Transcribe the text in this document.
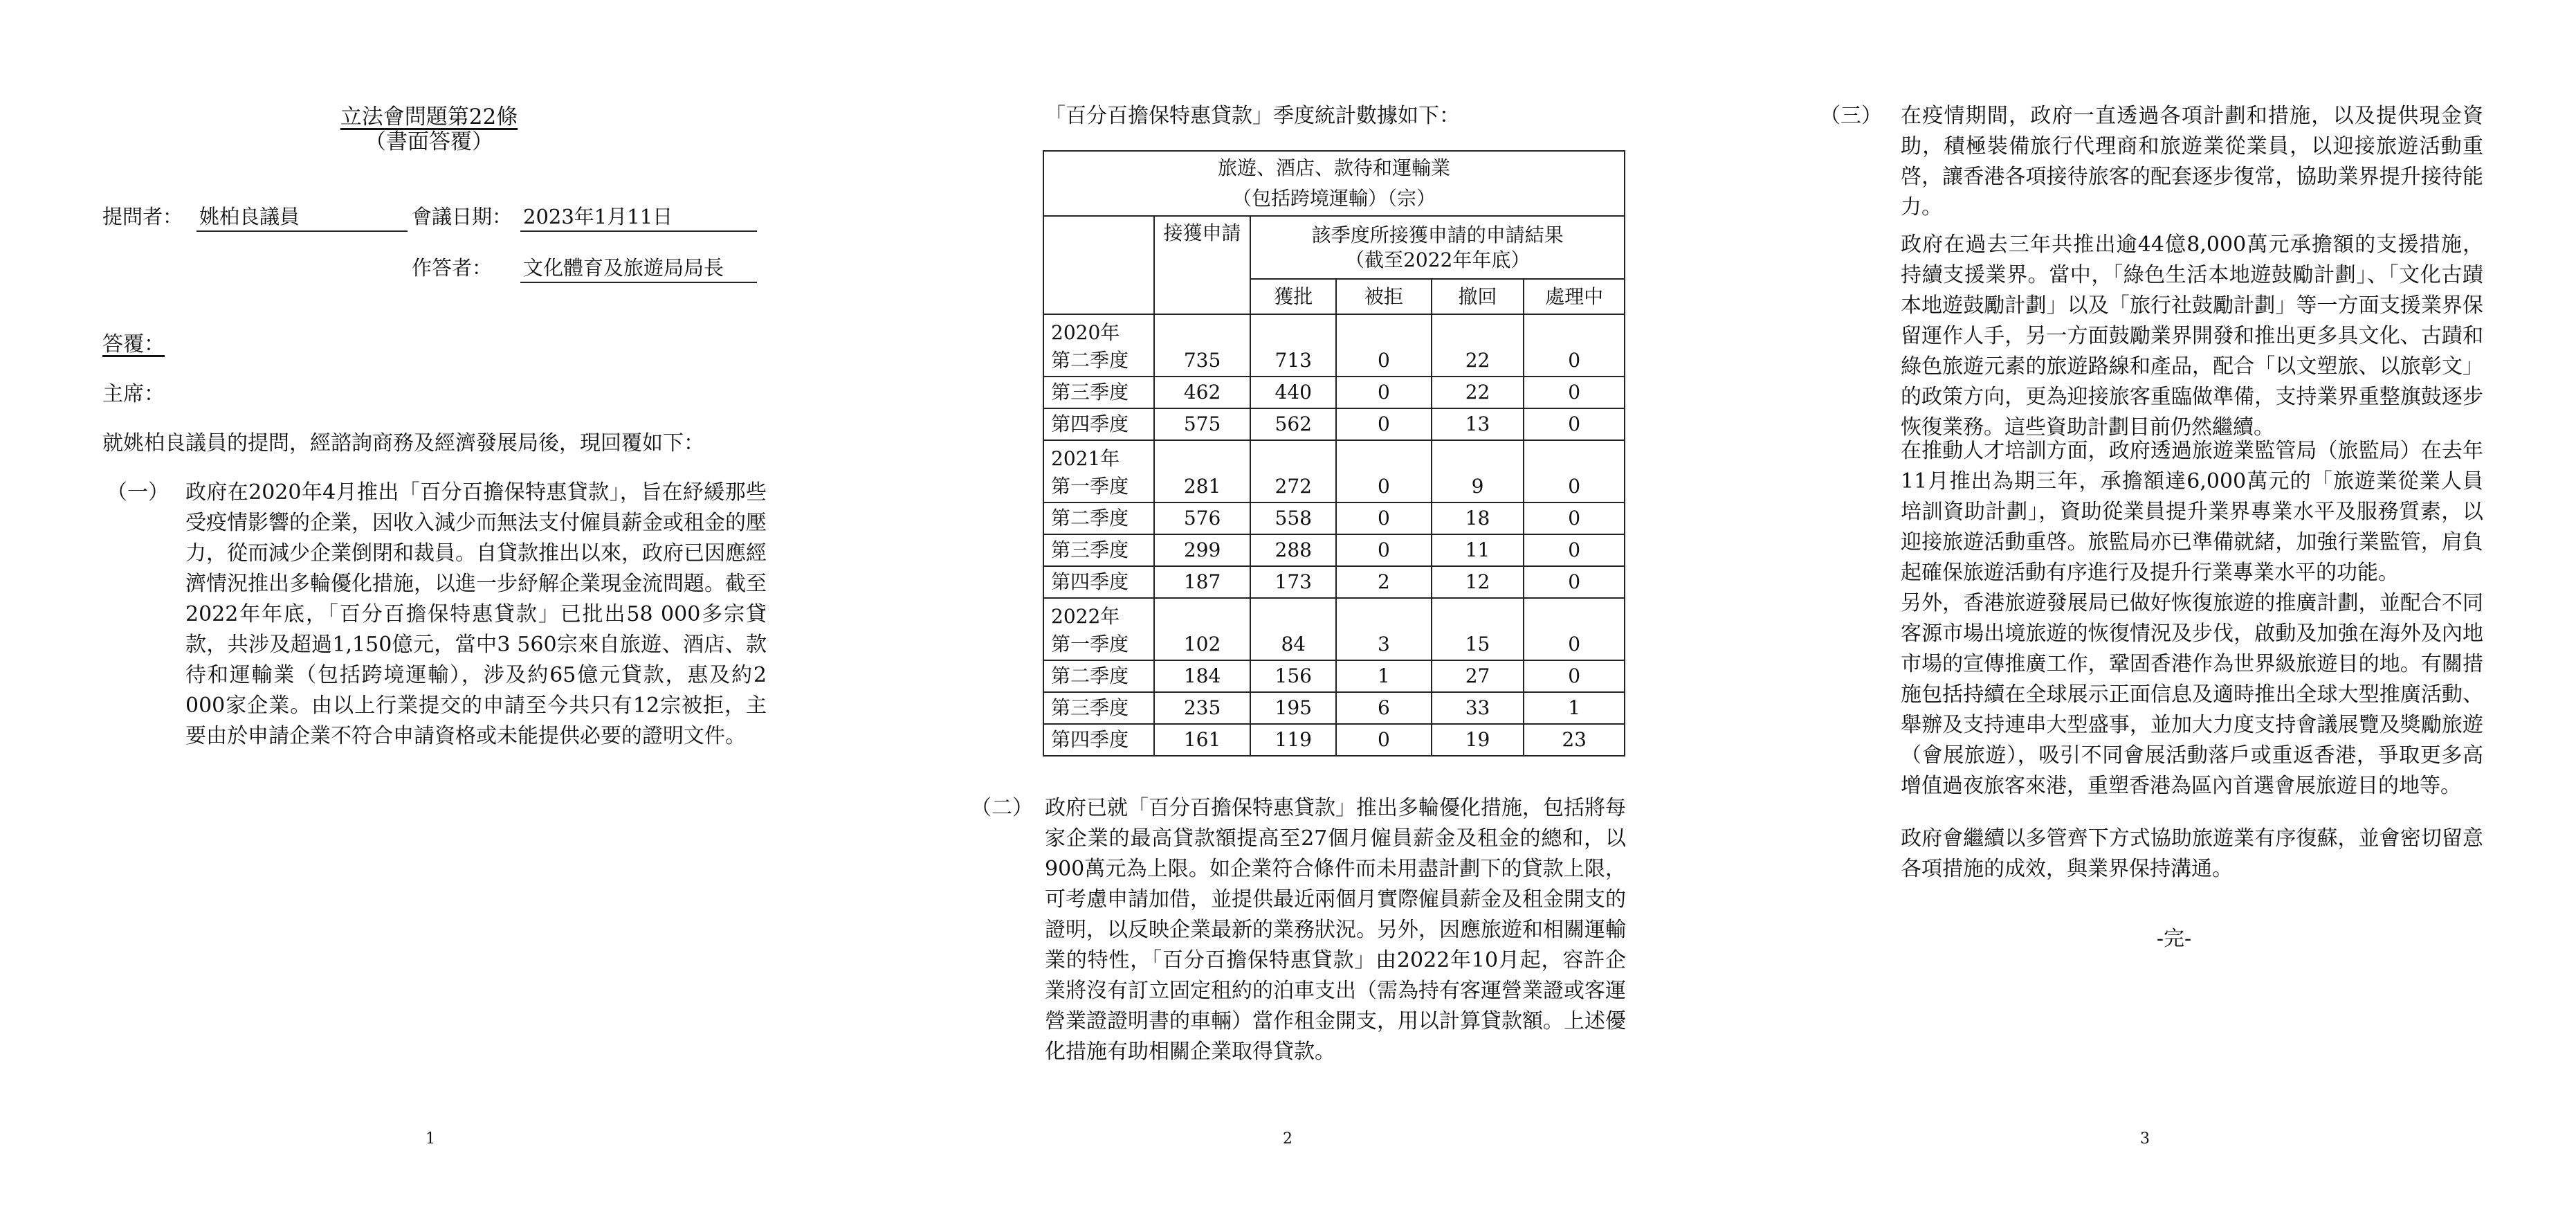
立法會問題第22條
（書面答覆）
提問者： 姚柏良議員	會議日期： 2023年1月11日
作答者： 文化體育及旅遊局局長
答覆：
主席：
就姚柏良議員的提問，經諮詢商務及經濟發展局後，現回覆如下：
（一） 政府在2020年4月推出「百分百擔保特惠貸款」，旨在紓緩那些受疫情影響的企業，因收入減少而無法支付僱員薪金或租金的壓力，從而減少企業倒閉和裁員。自貸款推出以來，政府已因應經濟情況推出多輪優化措施，以進一步紓解企業現金流問題。截至2022年年底，「百分百擔保特惠貸款」已批出58 000多宗貸款，共涉及超過1,150億元，當中3 560宗來自旅遊、酒店、款待和運輸業（包括跨境運輸），涉及約65億元貸款，惠及約2 000家企業。由以上行業提交的申請至今共只有12宗被拒，主要由於申請企業不符合申請資格或未能提供必要的證明文件。
1
「百分百擔保特惠貸款」季度統計數據如下：
旅遊、酒店、款待和運輸業
（包括跨境運輸）（宗）					

	接獲申請	該季度所接獲申請的申請結果
（截至2022年年底）			

		獲批	被拒	撤回	處理中
2020年					
第二季度	735	713	0	22	0
第三季度	462	440	0	22	0
第四季度	575	562	0	13	0
2021年					
第一季度	281	272	0	9	0
第二季度	576	558	0	18	0
第三季度	299	288	0	11	0
第四季度	187	173	2	12	0
2022年					
第一季度	102	84	3	15	0
第二季度	184	156	1	27	0
第三季度	235	195	6	33	1
第四季度	161	119	0	19	23
（二） 政府已就「百分百擔保特惠貸款」推出多輪優化措施，包括將每家企業的最高貸款額提高至27個月僱員薪金及租金的總和，以900萬元為上限。如企業符合條件而未用盡計劃下的貸款上限，可考慮申請加借，並提供最近兩個月實際僱員薪金及租金開支的證明，以反映企業最新的業務狀況。另外，因應旅遊和相關運輸業的特性，「百分百擔保特惠貸款」由2022年10月起，容許企業將沒有訂立固定租約的泊車支出（需為持有客運營業證或客運營業證證明書的車輛）當作租金開支，用以計算貸款額。上述優化措施有助相關企業取得貸款。
2
（三） 在疫情期間，政府一直透過各項計劃和措施，以及提供現金資助，積極裝備旅行代理商和旅遊業從業員，以迎接旅遊活動重啓，讓香港各項接待旅客的配套逐步復常，協助業界提升接待能力。
政府在過去三年共推出逾44億8,000萬元承擔額的支援措施，持續支援業界。當中，「綠色生活本地遊鼓勵計劃」、「文化古蹟本地遊鼓勵計劃」以及「旅行社鼓勵計劃」等一方面支援業界保留運作人手，另一方面鼓勵業界開發和推出更多具文化、古蹟和綠色旅遊元素的旅遊路線和產品，配合「以文塑旅、以旅彰文」的政策方向，更為迎接旅客重臨做準備，支持業界重整旗鼓逐步恢復業務。這些資助計劃目前仍然繼續。
在推動人才培訓方面，政府透過旅遊業監管局（旅監局）在去年11月推出為期三年，承擔額達6,000萬元的「旅遊業從業人員培訓資助計劃」，資助從業員提升業界專業水平及服務質素，以迎接旅遊活動重啓。旅監局亦已準備就緒，加強行業監管，肩負起確保旅遊活動有序進行及提升行業專業水平的功能。
另外，香港旅遊發展局已做好恢復旅遊的推廣計劃，並配合不同客源市場出境旅遊的恢復情況及步伐，啟動及加強在海外及內地市場的宣傳推廣工作，鞏固香港作為世界級旅遊目的地。有關措施包括持續在全球展示正面信息及適時推出全球大型推廣活動、舉辦及支持連串大型盛事，並加大力度支持會議展覽及獎勵旅遊（會展旅遊），吸引不同會展活動落戶或重返香港，爭取更多高增值過夜旅客來港，重塑香港為區內首選會展旅遊目的地等。
政府會繼續以多管齊下方式協助旅遊業有序復蘇，並會密切留意各項措施的成效，與業界保持溝通。
-完-
3
